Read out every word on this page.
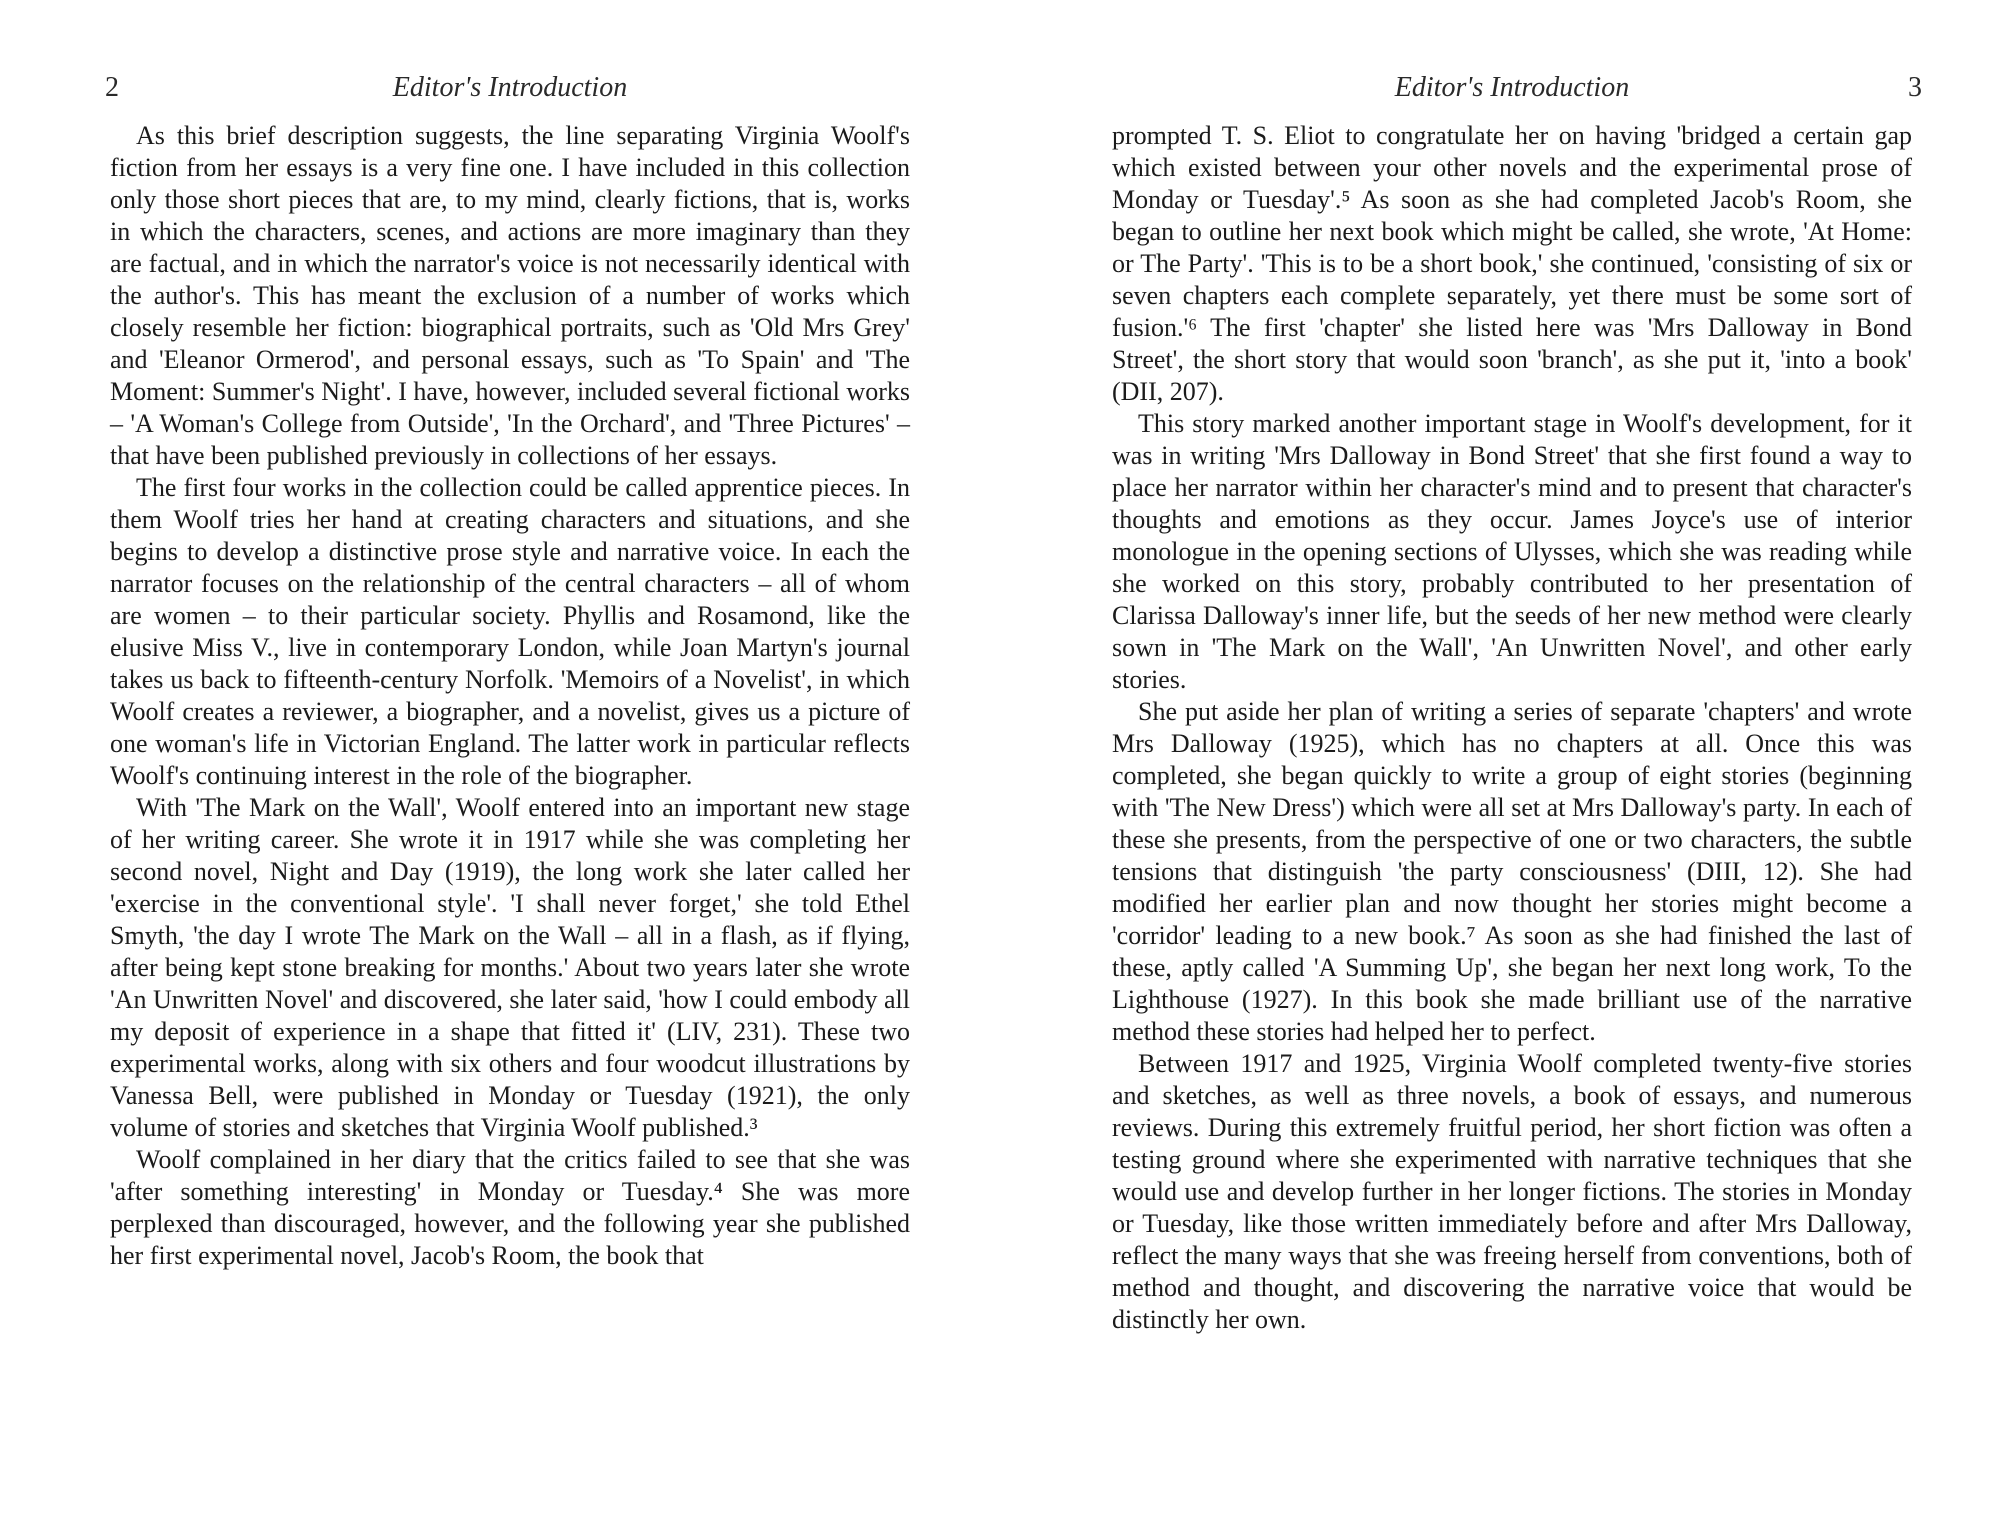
2	Editor's Introduction

As this brief description suggests, the line separating Virginia Woolf's fiction from her essays is a very fine one. I have included in this collection only those short pieces that are, to my mind, clearly fictions, that is, works in which the characters, scenes, and actions are more imaginary than they are factual, and in which the narrator's voice is not necessarily identical with the author's. This has meant the exclusion of a number of works which closely resemble her fiction: biographical portraits, such as 'Old Mrs Grey' and 'Eleanor Ormerod', and personal essays, such as 'To Spain' and 'The Moment: Summer's Night'. I have, however, included several fictional works – 'A Woman's College from Outside', 'In the Orchard', and 'Three Pictures' – that have been published previously in collections of her essays.

The first four works in the collection could be called apprentice pieces. In them Woolf tries her hand at creating characters and situations, and she begins to develop a distinctive prose style and narrative voice. In each the narrator focuses on the relationship of the central characters – all of whom are women – to their particular society. Phyllis and Rosamond, like the elusive Miss V., live in contemporary London, while Joan Martyn's journal takes us back to fifteenth-century Norfolk. 'Memoirs of a Novelist', in which Woolf creates a reviewer, a biographer, and a novelist, gives us a picture of one woman's life in Victorian England. The latter work in particular reflects Woolf's continuing interest in the role of the biographer.

With 'The Mark on the Wall', Woolf entered into an important new stage of her writing career. She wrote it in 1917 while she was completing her second novel, Night and Day (1919), the long work she later called her 'exercise in the conventional style'. 'I shall never forget,' she told Ethel Smyth, 'the day I wrote The Mark on the Wall – all in a flash, as if flying, after being kept stone breaking for months.' About two years later she wrote 'An Unwritten Novel' and discovered, she later said, 'how I could embody all my deposit of experience in a shape that fitted it' (LIV, 231). These two experimental works, along with six others and four woodcut illustrations by Vanessa Bell, were published in Monday or Tuesday (1921), the only volume of stories and sketches that Virginia Woolf published.³

Woolf complained in her diary that the critics failed to see that she was 'after something interesting' in Monday or Tuesday.⁴ She was more perplexed than discouraged, however, and the following year she published her first experimental novel, Jacob's Room, the book that

Editor's Introduction	3

prompted T. S. Eliot to congratulate her on having 'bridged a certain gap which existed between your other novels and the experimental prose of Monday or Tuesday'.⁵ As soon as she had completed Jacob's Room, she began to outline her next book which might be called, she wrote, 'At Home: or The Party'. 'This is to be a short book,' she continued, 'consisting of six or seven chapters each complete separately, yet there must be some sort of fusion.'⁶ The first 'chapter' she listed here was 'Mrs Dalloway in Bond Street', the short story that would soon 'branch', as she put it, 'into a book' (DII, 207).

This story marked another important stage in Woolf's development, for it was in writing 'Mrs Dalloway in Bond Street' that she first found a way to place her narrator within her character's mind and to present that character's thoughts and emotions as they occur. James Joyce's use of interior monologue in the opening sections of Ulysses, which she was reading while she worked on this story, probably contributed to her presentation of Clarissa Dalloway's inner life, but the seeds of her new method were clearly sown in 'The Mark on the Wall', 'An Unwritten Novel', and other early stories.

She put aside her plan of writing a series of separate 'chapters' and wrote Mrs Dalloway (1925), which has no chapters at all. Once this was completed, she began quickly to write a group of eight stories (beginning with 'The New Dress') which were all set at Mrs Dalloway's party. In each of these she presents, from the perspective of one or two characters, the subtle tensions that distinguish 'the party consciousness' (DIII, 12). She had modified her earlier plan and now thought her stories might become a 'corridor' leading to a new book.⁷ As soon as she had finished the last of these, aptly called 'A Summing Up', she began her next long work, To the Lighthouse (1927). In this book she made brilliant use of the narrative method these stories had helped her to perfect.

Between 1917 and 1925, Virginia Woolf completed twenty-five stories and sketches, as well as three novels, a book of essays, and numerous reviews. During this extremely fruitful period, her short fiction was often a testing ground where she experimented with narrative techniques that she would use and develop further in her longer fictions. The stories in Monday or Tuesday, like those written immediately before and after Mrs Dalloway, reflect the many ways that she was freeing herself from conventions, both of method and thought, and discovering the narrative voice that would be distinctly her own.
